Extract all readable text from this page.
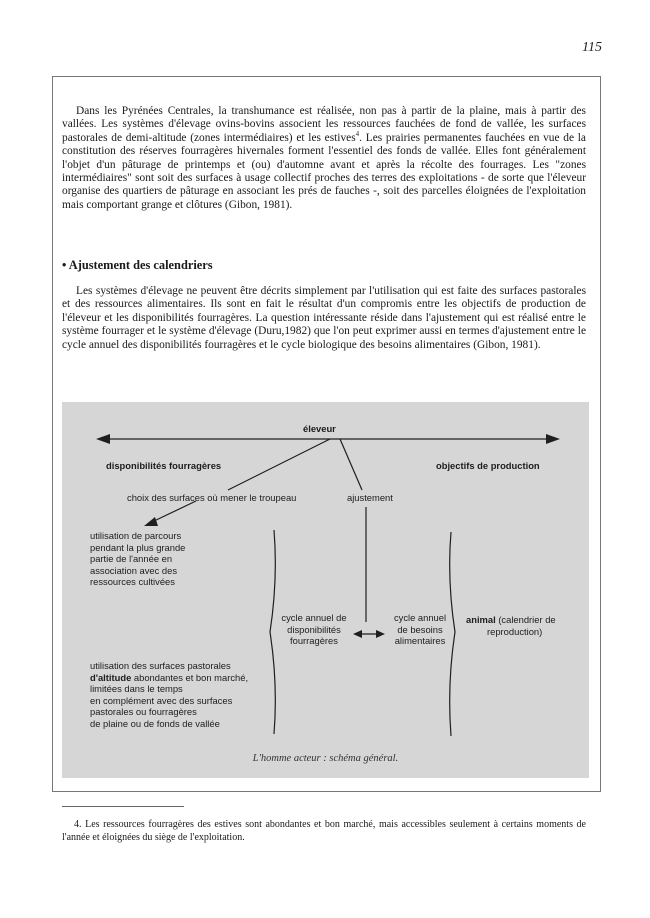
115

Dans les Pyrénées Centrales, la transhumance est réalisée, non pas à partir de la plaine, mais à partir des vallées. Les systèmes d'élevage ovins-bovins associent les ressources fauchées de fond de vallée, les surfaces pastorales de demi-altitude (zones intermédiaires) et les estives$^4$. Les prairies permanentes fauchées en vue de la constitution des réserves fourragères hivernales forment l'essentiel des fonds de vallée. Elles font généralement l'objet d'un pâturage de printemps et (ou) d'automne avant et après la récolte des fourrages. Les "zones intermédiaires" sont soit des surfaces à usage collectif proches des terres des exploitations - de sorte que l'éleveur organise des quartiers de pâturage en associant les prés de fauches -, soit des parcelles éloignées de l'exploitation mais comportant grange et clôtures (Gibon, 1981).

• Ajustement des calendriers

Les systèmes d'élevage ne peuvent être décrits simplement par l'utilisation qui est faite des surfaces pastorales et des ressources alimentaires. Ils sont en fait le résultat d'un compromis entre les objectifs de production de l'éleveur et les disponibilités fourragères. La question intéressante réside dans l'ajustement qui est réalisé entre le système fourrager et le système d'élevage (Duru,1982) que l'on peut exprimer aussi en termes d'ajustement entre le cycle annuel des disponibilités fourragères et le cycle biologique des besoins alimentaires (Gibon, 1981).

éleveur
disponibilités fourragères	objectifs de production
choix des surfaces où mener le troupeau	ajustement
utilisation de parcours
pendant la plus grande
partie de l'année en
association avec des
ressources cultivées
cycle annuel de
disponibilités
fourragères
cycle annuel
de besoins
alimentaires
animal (calendrier de
reproduction)
utilisation des surfaces pastorales
d'altitude abondantes et bon marché,
limitées dans le temps
en complément avec des surfaces
pastorales ou fourragères
de plaine ou de fonds de vallée
L'homme acteur : schéma général.

4. Les ressources fourragères des estives sont abondantes et bon marché, mais accessibles seulement à certains moments de l'année et éloignées du siège de l'exploitation.
